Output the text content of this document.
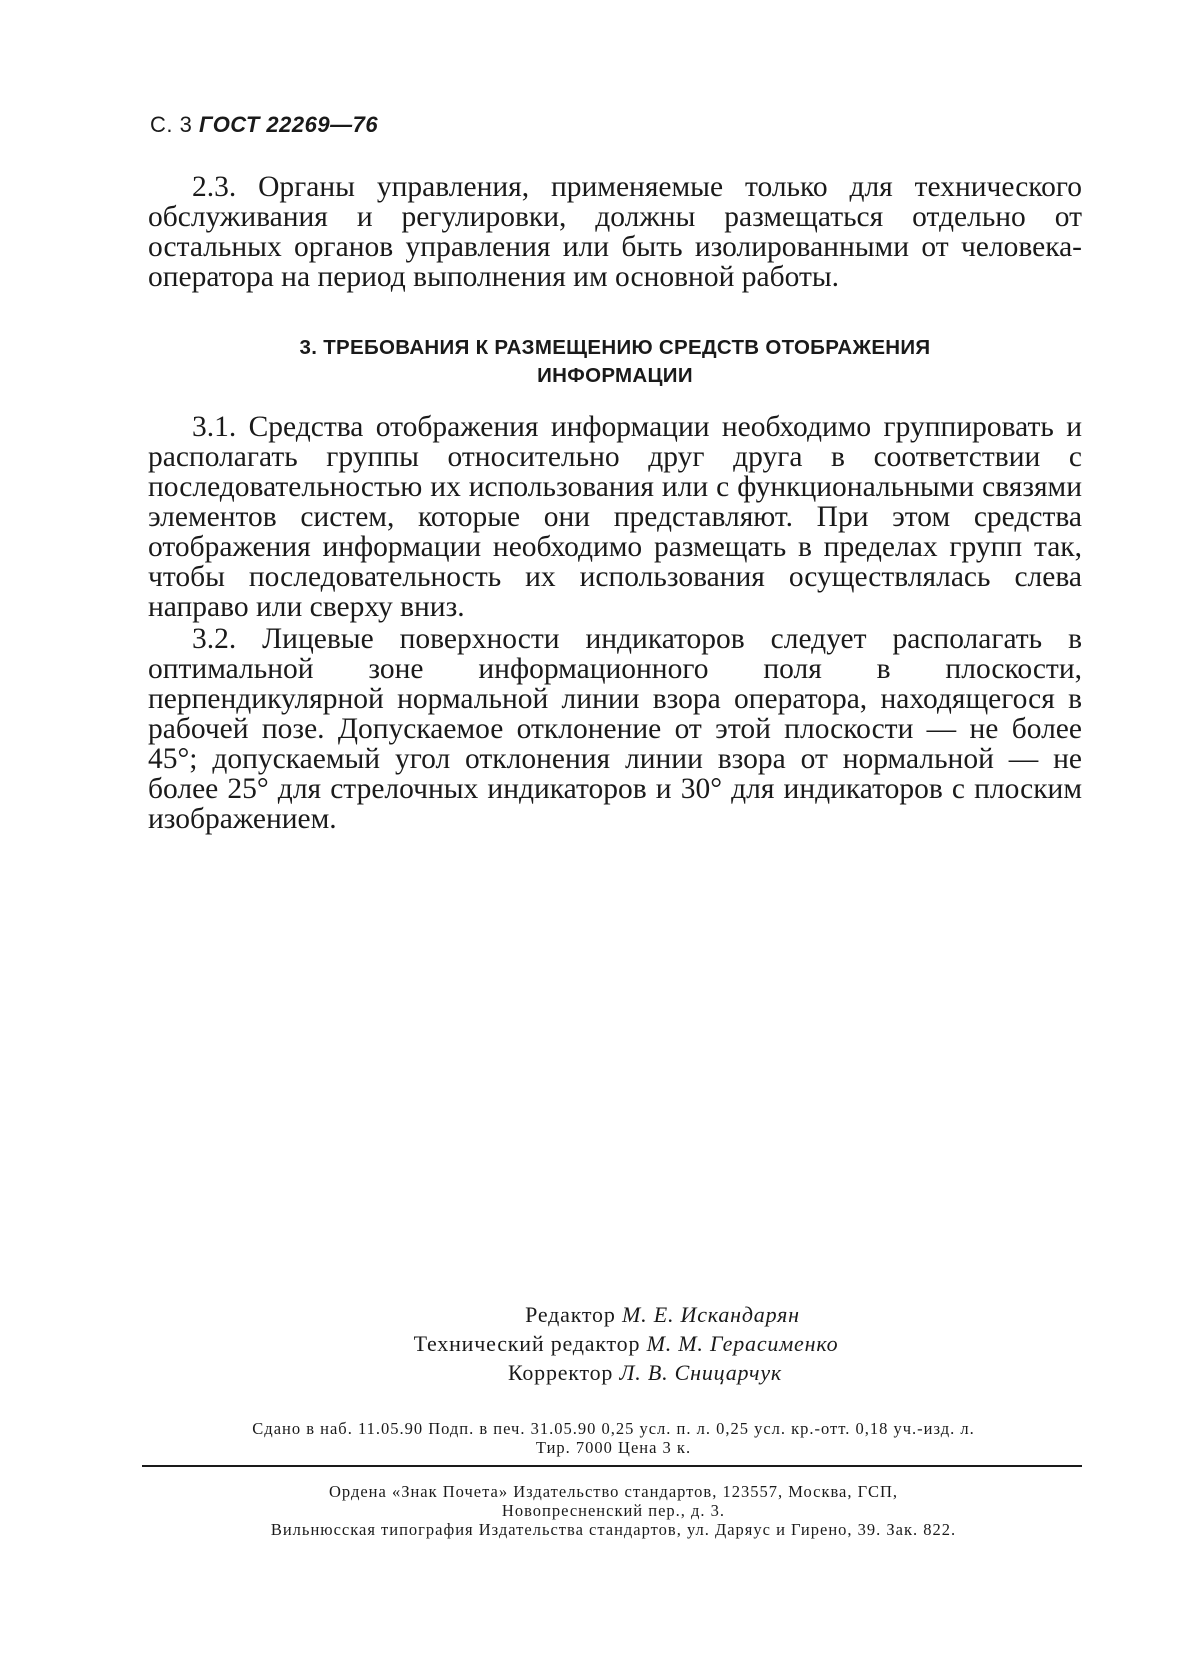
С. 3 ГОСТ 22269—76

2.3. Органы управления, применяемые только для технического обслуживания и регулировки, должны размещаться отдельно от остальных органов управления или быть изолированными от человека-оператора на период выполнения им основной работы.

3. ТРЕБОВАНИЯ К РАЗМЕЩЕНИЮ СРЕДСТВ ОТОБРАЖЕНИЯ
ИНФОРМАЦИИ

3.1. Средства отображения информации необходимо группировать и располагать группы относительно друг друга в соответствии с последовательностью их использования или с функциональными связями элементов систем, которые они представляют. При этом средства отображения информации необходимо размещать в пределах групп так, чтобы последовательность их использования осуществлялась слева направо или сверху вниз.

3.2. Лицевые поверхности индикаторов следует располагать в оптимальной зоне информационного поля в плоскости, перпендикулярной нормальной линии взора оператора, находящегося в рабочей позе. Допускаемое отклонение от этой плоскости — не более 45°; допускаемый угол отклонения линии взора от нормальной — не более 25° для стрелочных индикаторов и 30° для индикаторов с плоским изображением.

Редактор М. Е. Искандарян
Технический редактор М. М. Герасименко
Корректор Л. В. Сницарчук
Сдано в наб. 11.05.90 Подп. в печ. 31.05.90 0,25 усл. п. л. 0,25 усл. кр.-отт. 0,18 уч.-изд. л.
Тир. 7000 Цена 3 к.
Ордена «Знак Почета» Издательство стандартов, 123557, Москва, ГСП,
Новопресненский пер., д. 3.
Вильнюсская типография Издательства стандартов, ул. Даряус и Гирено, 39. Зак. 822.
